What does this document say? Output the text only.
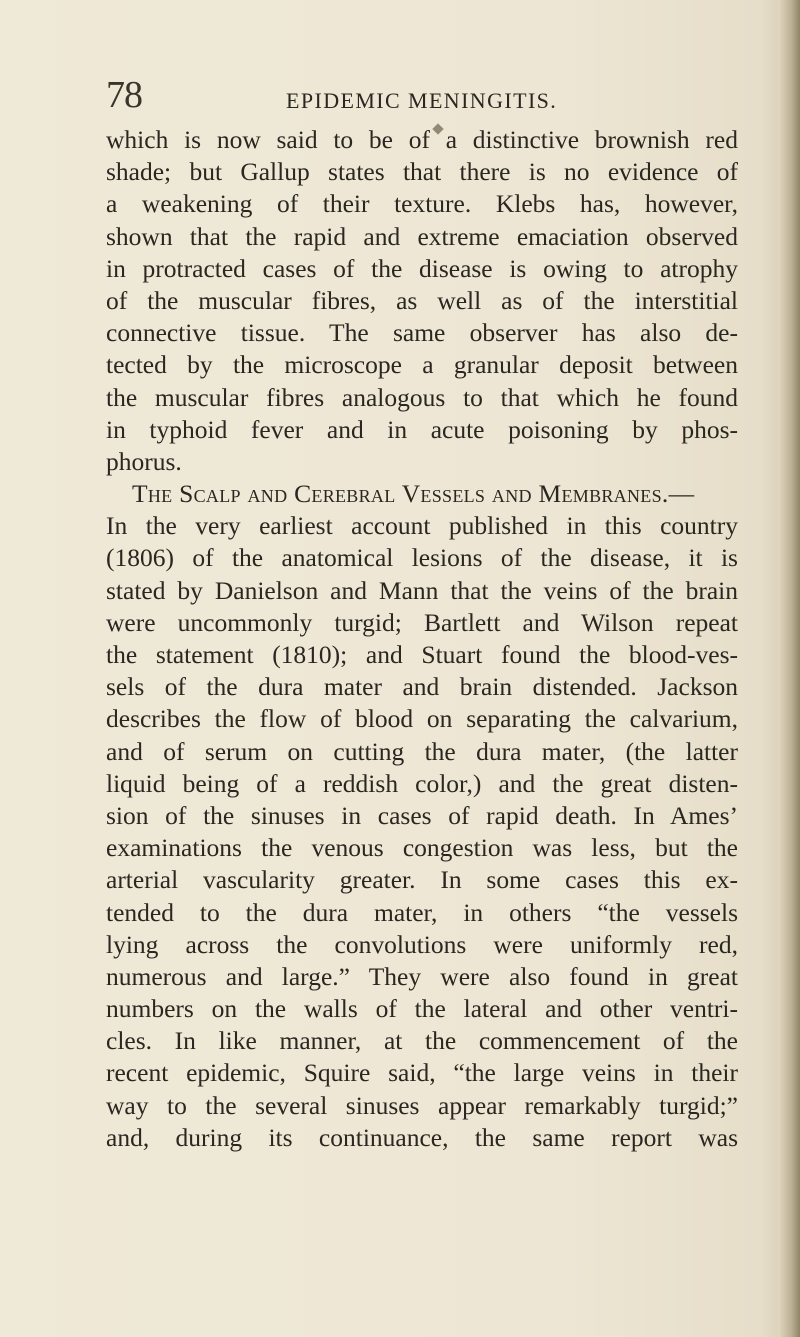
78	EPIDEMIC MENINGITIS.
which is now said to be of a distinctive brownish red
shade; but Gallup states that there is no evidence of
a weakening of their texture. Klebs has, however,
shown that the rapid and extreme emaciation observed
in protracted cases of the disease is owing to atrophy
of the muscular fibres, as well as of the interstitial
connective tissue. The same observer has also de-
tected by the microscope a granular deposit between
the muscular fibres analogous to that which he found
in typhoid fever and in acute poisoning by phos-
phorus.
The Scalp and Cerebral Vessels and Membranes.—
In the very earliest account published in this country
(1806) of the anatomical lesions of the disease, it is
stated by Danielson and Mann that the veins of the brain
were uncommonly turgid; Bartlett and Wilson repeat
the statement (1810); and Stuart found the blood-ves-
sels of the dura mater and brain distended. Jackson
describes the flow of blood on separating the calvarium,
and of serum on cutting the dura mater, (the latter
liquid being of a reddish color,) and the great disten-
sion of the sinuses in cases of rapid death. In Ames’
examinations the venous congestion was less, but the
arterial vascularity greater. In some cases this ex-
tended to the dura mater, in others “the vessels
lying across the convolutions were uniformly red,
numerous and large.” They were also found in great
numbers on the walls of the lateral and other ventri-
cles. In like manner, at the commencement of the
recent epidemic, Squire said, “the large veins in their
way to the several sinuses appear remarkably turgid;”
and, during its continuance, the same report was
